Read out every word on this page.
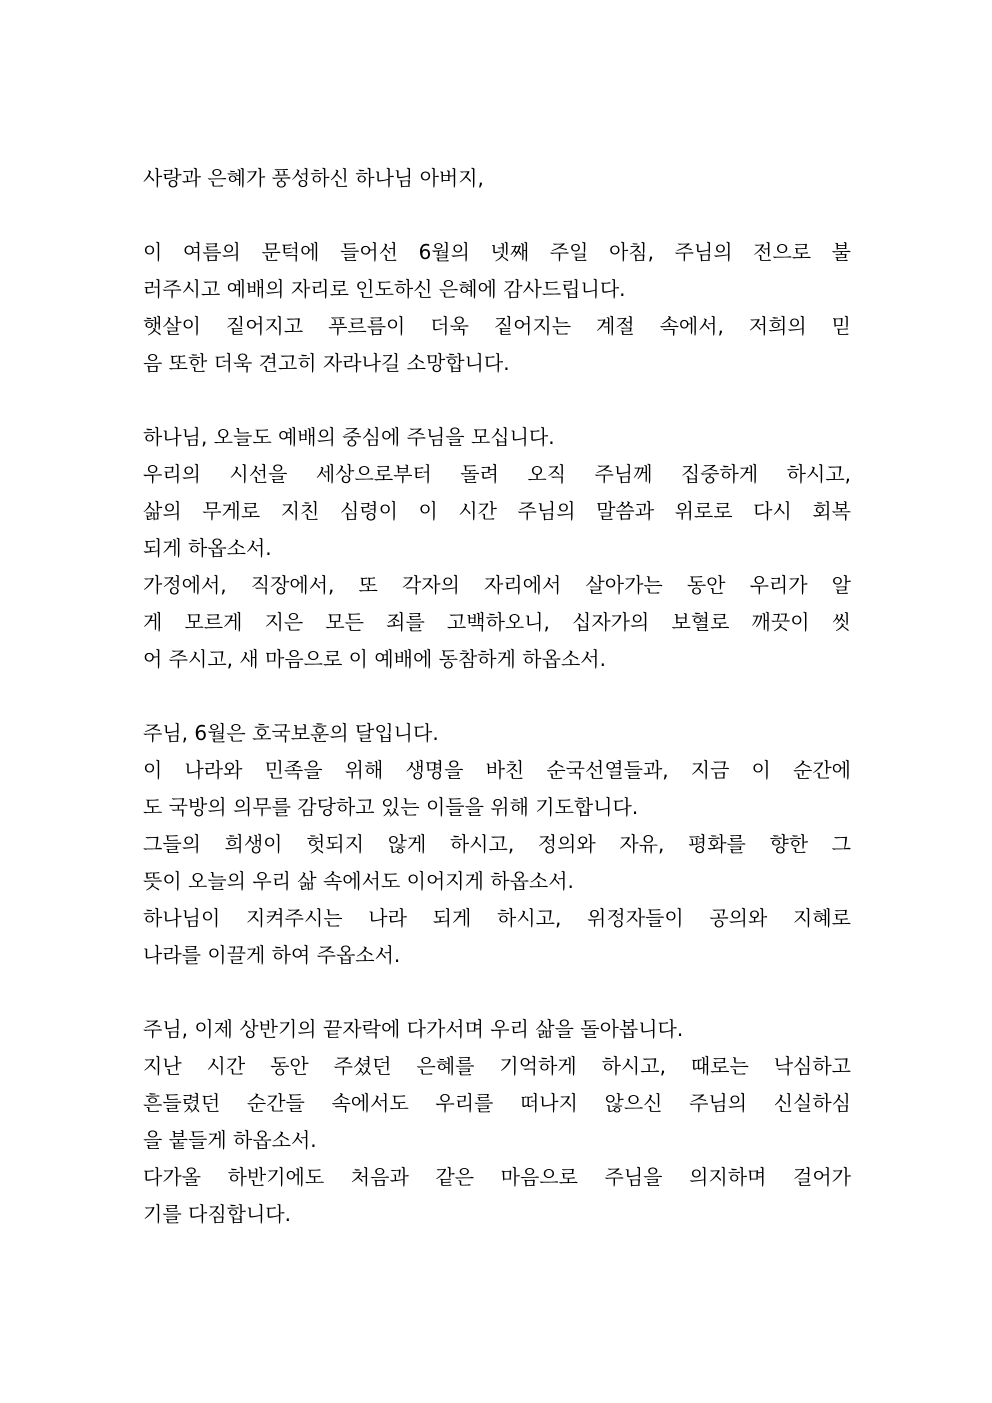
사랑과 은혜가 풍성하신 하나님 아버지,
이 여름의 문턱에 들어선 6월의 넷째 주일 아침, 주님의 전으로 불
러주시고 예배의 자리로 인도하신 은혜에 감사드립니다.
햇살이 짙어지고 푸르름이 더욱 짙어지는 계절 속에서, 저희의 믿
음 또한 더욱 견고히 자라나길 소망합니다.
하나님, 오늘도 예배의 중심에 주님을 모십니다.
우리의 시선을 세상으로부터 돌려 오직 주님께 집중하게 하시고,
삶의 무게로 지친 심령이 이 시간 주님의 말씀과 위로로 다시 회복
되게 하옵소서.
가정에서, 직장에서, 또 각자의 자리에서 살아가는 동안 우리가 알
게 모르게 지은 모든 죄를 고백하오니, 십자가의 보혈로 깨끗이 씻
어 주시고, 새 마음으로 이 예배에 동참하게 하옵소서.
주님, 6월은 호국보훈의 달입니다.
이 나라와 민족을 위해 생명을 바친 순국선열들과, 지금 이 순간에
도 국방의 의무를 감당하고 있는 이들을 위해 기도합니다.
그들의 희생이 헛되지 않게 하시고, 정의와 자유, 평화를 향한 그
뜻이 오늘의 우리 삶 속에서도 이어지게 하옵소서.
하나님이 지켜주시는 나라 되게 하시고, 위정자들이 공의와 지혜로
나라를 이끌게 하여 주옵소서.
주님, 이제 상반기의 끝자락에 다가서며 우리 삶을 돌아봅니다.
지난 시간 동안 주셨던 은혜를 기억하게 하시고, 때로는 낙심하고
흔들렸던 순간들 속에서도 우리를 떠나지 않으신 주님의 신실하심
을 붙들게 하옵소서.
다가올 하반기에도 처음과 같은 마음으로 주님을 의지하며 걸어가
기를 다짐합니다.
